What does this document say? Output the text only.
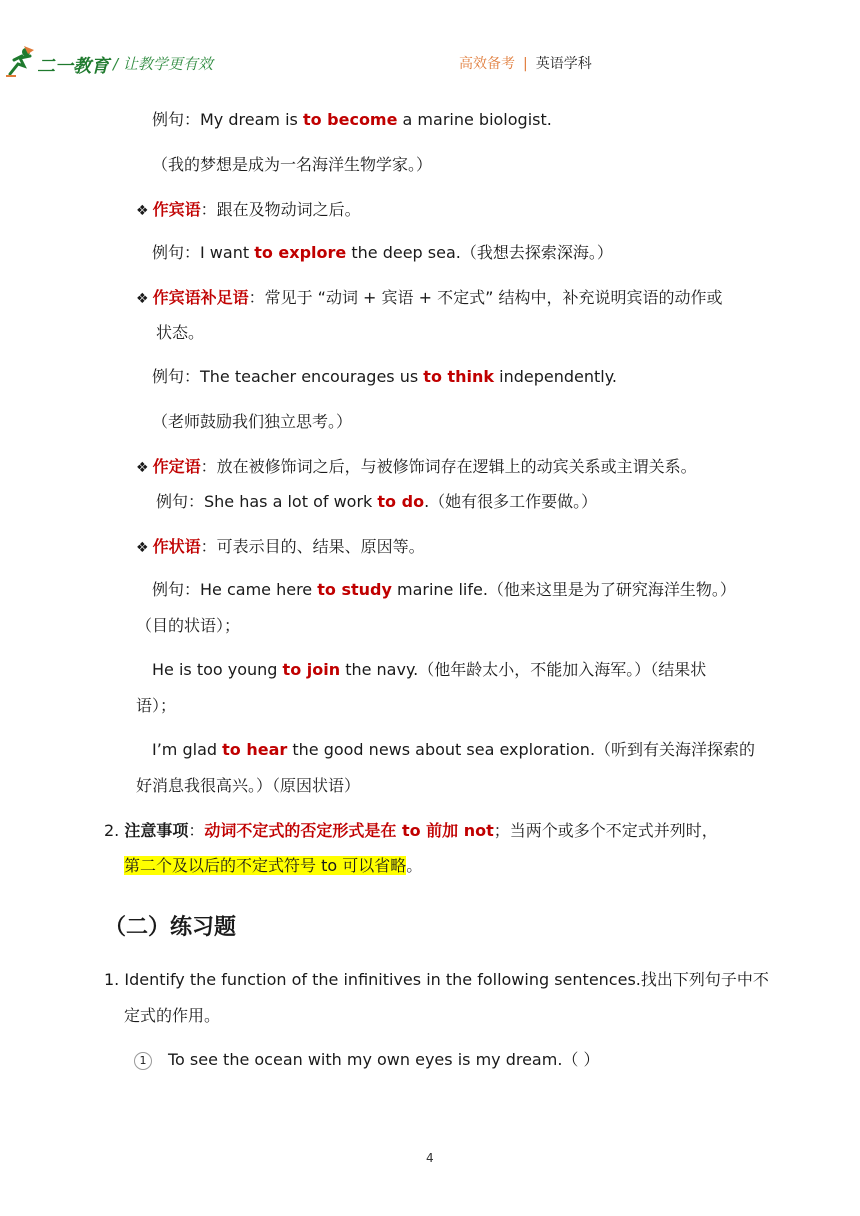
二一教育 / 让教学更有效	高效备考 | 英语学科
例句：My dream is to become a marine biologist.
（我的梦想是成为一名海洋生物学家。）
❖ 作宾语：跟在及物动词之后。
例句：I want to explore the deep sea.（我想去探索深海。）
❖ 作宾语补足语：常见于 “动词 + 宾语 + 不定式” 结构中，补充说明宾语的动作或
状态。
例句：The teacher encourages us to think independently.
（老师鼓励我们独立思考。）
❖ 作定语：放在被修饰词之后，与被修饰词存在逻辑上的动宾关系或主谓关系。
例句：She has a lot of work to do.（她有很多工作要做。）
❖ 作状语：可表示目的、结果、原因等。
例句：He came here to study marine life.（他来这里是为了研究海洋生物。）
（目的状语）；
He is too young to join the navy.（他年龄太小，不能加入海军。）（结果状
语）；
I’m glad to hear the good news about sea exploration.（听到有关海洋探索的
好消息我很高兴。）（原因状语）
2. 注意事项：动词不定式的否定形式是在 to 前加 not；当两个或多个不定式并列时，
第二个及以后的不定式符号 to 可以省略。
（二）练习题
1. Identify the function of the infinitives in the following sentences.找出下列句子中不
定式的作用。
1 To see the ocean with my own eyes is my dream.（ ）
4
